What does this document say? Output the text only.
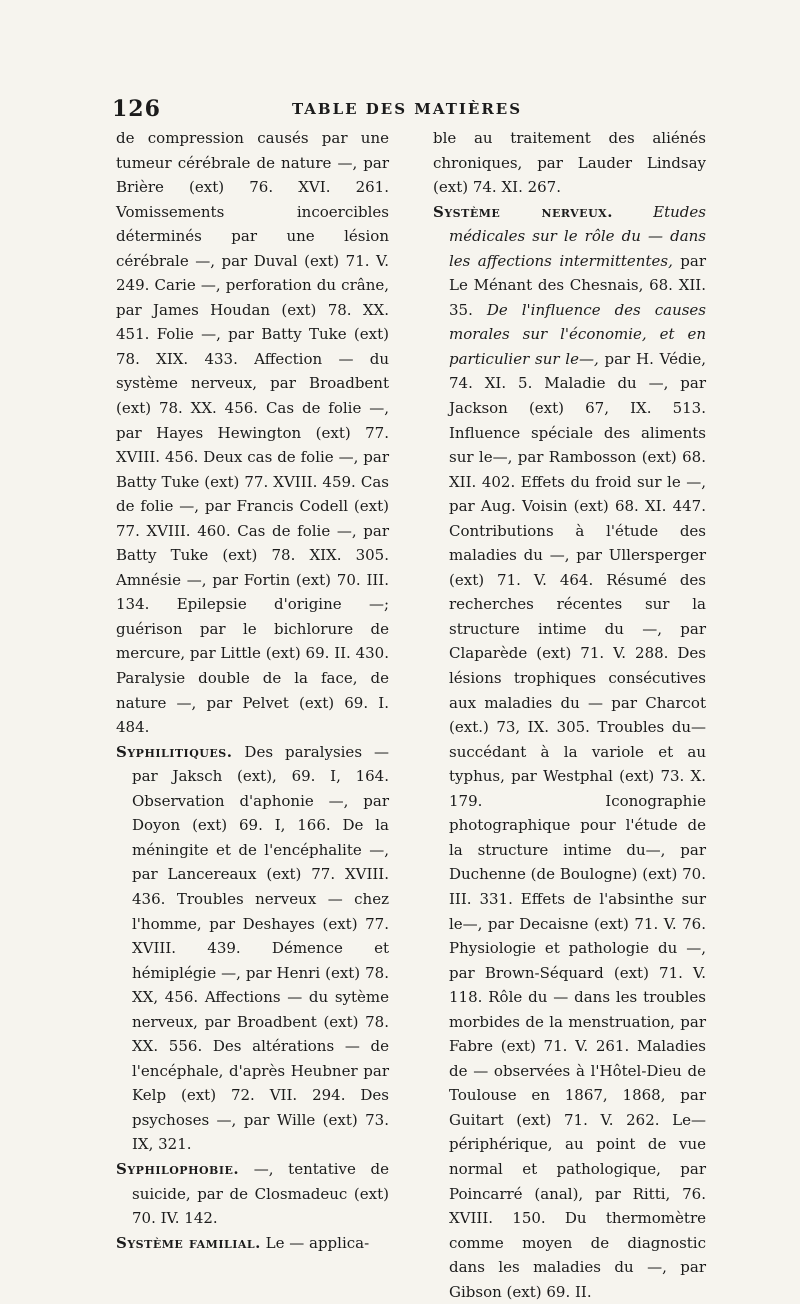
126	TABLE DES MATIÈRES

de compression causés par une tumeur cérébrale de nature —, par Brière (ext) 76. XVI. 261. Vomissements incoercibles déterminés par une lésion cérébrale —, par Duval (ext) 71. V. 249. Carie —, perforation du crâne, par James Houdan (ext) 78. XX. 451. Folie —, par Batty Tuke (ext) 78. XIX. 433. Affection — du système nerveux, par Broadbent (ext) 78. XX. 456. Cas de folie —, par Hayes Hewington (ext) 77. XVIII. 456. Deux cas de folie —, par Batty Tuke (ext) 77. XVIII. 459. Cas de folie —, par Francis Codell (ext) 77. XVIII. 460. Cas de folie —, par Batty Tuke (ext) 78. XIX. 305. Amnésie —, par Fortin (ext) 70. III. 134. Epilepsie d'origine —; guérison par le bichlorure de mercure, par Little (ext) 69. II. 430. Paralysie double de la face, de nature —, par Pelvet (ext) 69. I. 484.

Syphilitiques. Des paralysies — par Jaksch (ext), 69. I, 164. Observation d'aphonie —, par Doyon (ext) 69. I, 166. De la méningite et de l'encéphalite —, par Lancereaux (ext) 77. XVIII. 436. Troubles nerveux — chez l'homme, par Deshayes (ext) 77. XVIII. 439. Démence et hémiplégie —, par Henri (ext) 78. XX, 456. Affections — du sytème nerveux, par Broadbent (ext) 78. XX. 556. Des altérations — de l'encéphale, d'après Heubner par Kelp (ext) 72. VII. 294. Des psychoses —, par Wille (ext) 73. IX, 321.

Syphilophobie. —, tentative de suicide, par de Closmadeuc (ext) 70. IV. 142.

Système familial. Le — applica-

ble au traitement des aliénés chroniques, par Lauder Lindsay (ext) 74. XI. 267.

Système nerveux. Etudes médicales sur le rôle du — dans les affections intermittentes, par Le Ménant des Chesnais, 68. XII. 35. De l'influence des causes morales sur l'économie, et en particulier sur le—, par H. Védie, 74. XI. 5. Maladie du —, par Jackson (ext) 67, IX. 513. Influence spéciale des aliments sur le—, par Rambosson (ext) 68. XII. 402. Effets du froid sur le —, par Aug. Voisin (ext) 68. XI. 447. Contributions à l'étude des maladies du —, par Ullersperger (ext) 71. V. 464. Résumé des recherches récentes sur la structure intime du —, par Claparède (ext) 71. V. 288. Des lésions trophiques consécutives aux maladies du — par Charcot (ext.) 73, IX. 305. Troubles du— succédant à la variole et au typhus, par Westphal (ext) 73. X. 179. Iconographie photographique pour l'étude de la structure intime du—, par Duchenne (de Boulogne) (ext) 70. III. 331. Effets de l'absinthe sur le—, par Decaisne (ext) 71. V. 76. Physiologie et pathologie du —, par Brown-Séquard (ext) 71. V. 118. Rôle du — dans les troubles morbides de la menstruation, par Fabre (ext) 71. V. 261. Maladies de — observées à l'Hôtel-Dieu de Toulouse en 1867, 1868, par Guitart (ext) 71. V. 262. Le—périphérique, au point de vue normal et pathologique, par Poincarré (anal), par Ritti, 76. XVIII. 150. Du thermomètre comme moyen de diagnostic dans les maladies du —, par Gibson (ext) 69. II.
